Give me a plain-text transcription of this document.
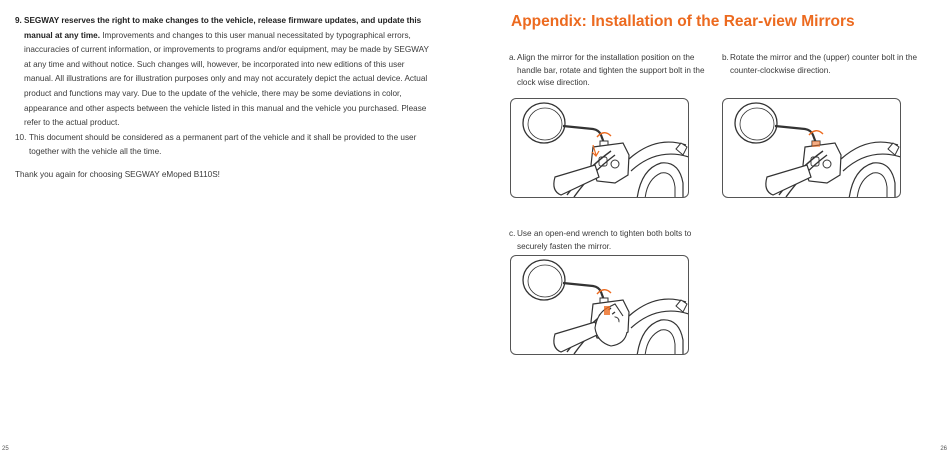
9. SEGWAY reserves the right to make changes to the vehicle, release firmware updates, and update this manual at any time. Improvements and changes to this user manual necessitated by typographical errors, inaccuracies of current information, or improvements to programs and/or equipment, may be made by SEGWAY at any time and without notice. Such changes will, however, be incorporated into new editions of this user manual. All illustrations are for illustration purposes only and may not accurately depict the actual device. Actual product and functions may vary. Due to the update of the vehicle, there may be some deviations in color, appearance and other aspects between the vehicle listed in this manual and the vehicle you purchased. Please refer to the actual product.
10. This document should be considered as a permanent part of the vehicle and it shall be provided to the user together with the vehicle all the time.
Thank you again for choosing SEGWAY eMoped B110S!
25
Appendix: Installation of the Rear-view Mirrors
a. Align the mirror for the installation position on the handle bar, rotate and tighten the support bolt in the clock wise direction.
b. Rotate the mirror and the (upper) counter bolt in the counter-clockwise direction.
c. Use an open-end wrench to tighten both bolts to securely fasten the mirror.
26
